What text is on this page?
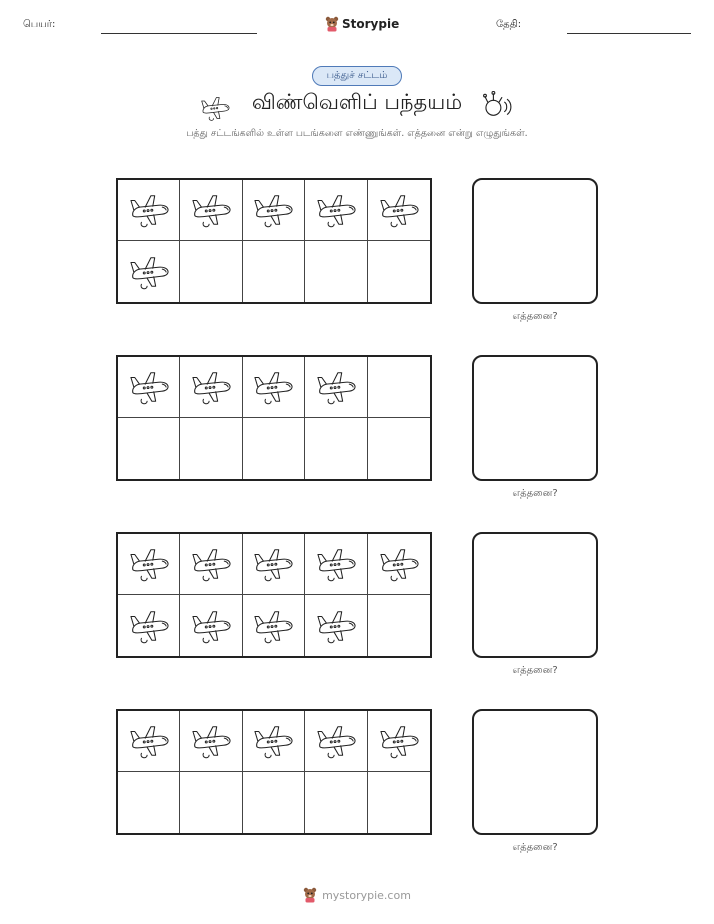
பெயர்:	Storypie	தேதி:
பத்துச் சட்டம்
விண்வெளிப் பந்தயம்
பத்து சட்டங்களில் உள்ள படங்களை எண்ணுங்கள். எத்தனை என்று எழுதுங்கள்.
எத்தனை?
எத்தனை?
எத்தனை?
எத்தனை?
mystorypie.com
